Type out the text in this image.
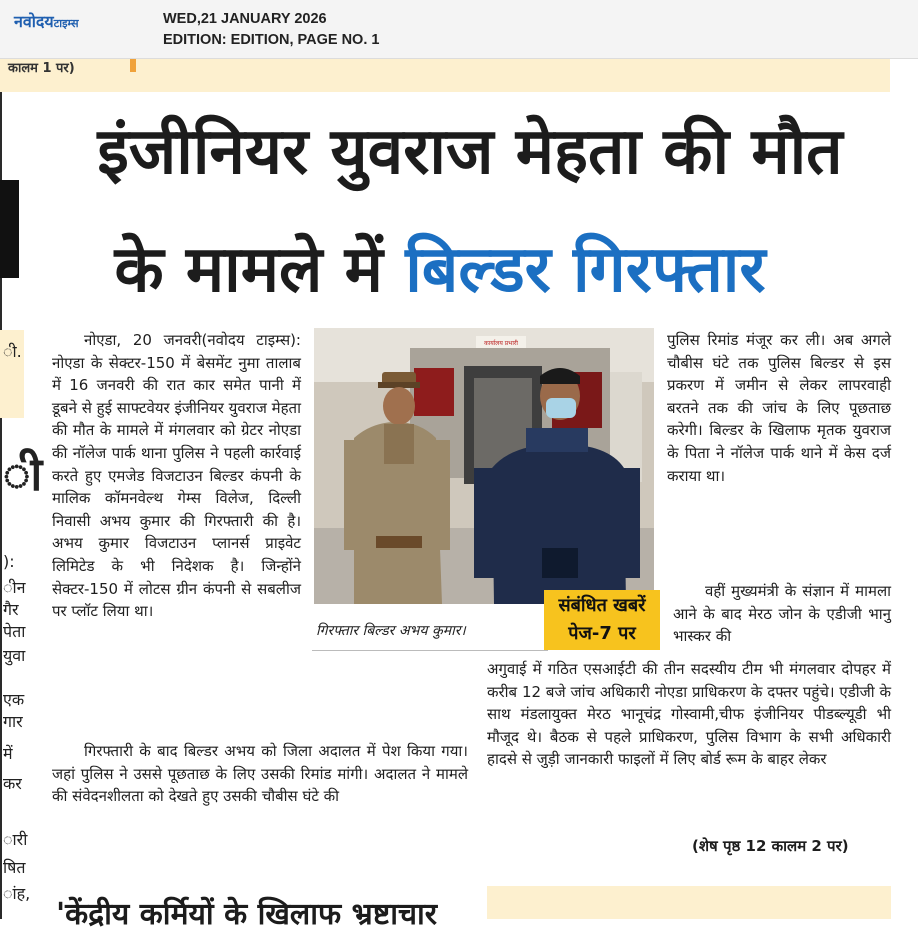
नवोदयटाइम्स	WED,21 JANUARY 2026
EDITION: EDITION, PAGE NO. 1
कालम 1 पर)
ी.
ी
):
ीन
गैर
पेता
युवा
एक
गार
में
कर
ारी
षित
ांह,
इंजीनियर युवराज मेहता की मौत
के मामले में बिल्डर गिरफ्तार

नोएडा, 20 जनवरी(नवोदय टाइम्स): नोएडा के सेक्टर-150 में बेसमेंट नुमा तालाब में 16 जनवरी की रात कार समेत पानी में डूबने से हुई साफ्टवेयर इंजीनियर युवराज मेहता की मौत के मामले में मंगलवार को ग्रेटर नोएडा की नॉलेज पार्क थाना पुलिस ने पहली कार्रवाई करते हुए एमजेड विजटाउन बिल्डर कंपनी के मालिक कॉमनवेल्थ गेम्स विलेज, दिल्ली निवासी अभय कुमार की गिरफ्तारी की है। अभय कुमार विजटाउन प्लानर्स प्राइवेट लिमिटेड के भी निदेशक है। जिन्होंने सेक्टर-150 में लोटस ग्रीन कंपनी से सबलीज पर प्लॉट लिया था।

पुलिस रिमांड मंजूर कर ली। अब अगले चौबीस घंटे तक पुलिस बिल्डर से इस प्रकरण में जमीन से लेकर लापरवाही बरतने तक की जांच के लिए पूछताछ करेगी। बिल्डर के खिलाफ मृतक युवराज के पिता ने नॉलेज पार्क थाने में केस दर्ज कराया था।

वहीं मुख्यमंत्री के संज्ञान में मामला आने के बाद मेरठ जोन के एडीजी भानु भास्कर की

अगुवाई में गठित एसआईटी की तीन सदस्यीय टीम भी मंगलवार दोपहर में करीब 12 बजे जांच अधिकारी नोएडा प्राधिकरण के दफ्तर पहुंचे। एडीजी के साथ मंडलायुक्त मेरठ भानूचंद्र गोस्वामी,चीफ इंजीनियर पीडब्ल्यूडी भी मौजूद थे। बैठक से पहले प्राधिकरण, पुलिस विभाग के सभी अधिकारी हादसे से जुड़ी जानकारी फाइलों में लिए बोर्ड रूम के बाहर लेकर

गिरफ्तारी के बाद बिल्डर अभय को जिला अदालत में पेश किया गया। जहां पुलिस ने उससे पूछताछ के लिए उसकी रिमांड मांगी। अदालत ने मामले की संवेदनशीलता को देखते हुए उसकी चौबीस घंटे की

कार्यालय प्रभारी
गिरफ्तार बिल्डर अभय कुमार।
संबंधित खबरें
पेज-7 पर
(शेष पृष्ठ 12 कालम 2 पर)
'केंद्रीय कर्मियों के खिलाफ भ्रष्टाचार
